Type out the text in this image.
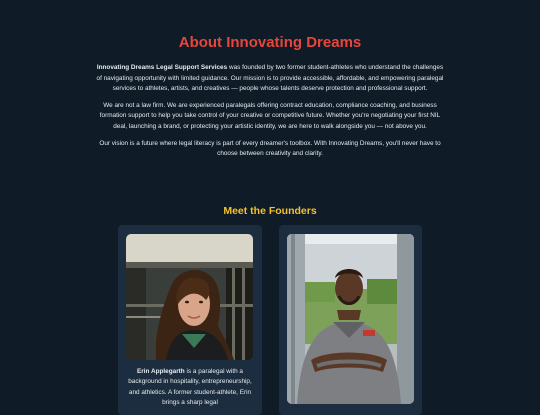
About Innovating Dreams

Innovating Dreams Legal Support Services was founded by two former student-athletes who understand the challenges of navigating opportunity with limited guidance. Our mission is to provide accessible, affordable, and empowering paralegal services to athletes, artists, and creatives — people whose talents deserve protection and professional support.

We are not a law firm. We are experienced paralegals offering contract education, compliance coaching, and business formation support to help you take control of your creative or competitive future. Whether you're negotiating your first NIL deal, launching a brand, or protecting your artistic identity, we are here to walk alongside you — not above you.

Our vision is a future where legal literacy is part of every dreamer's toolbox. With Innovating Dreams, you'll never have to choose between creativity and clarity.

Meet the Founders
Erin Applegarth is a paralegal with a background in hospitality, entrepreneurship, and athletics. A former student-athlete, Erin brings a sharp legal
